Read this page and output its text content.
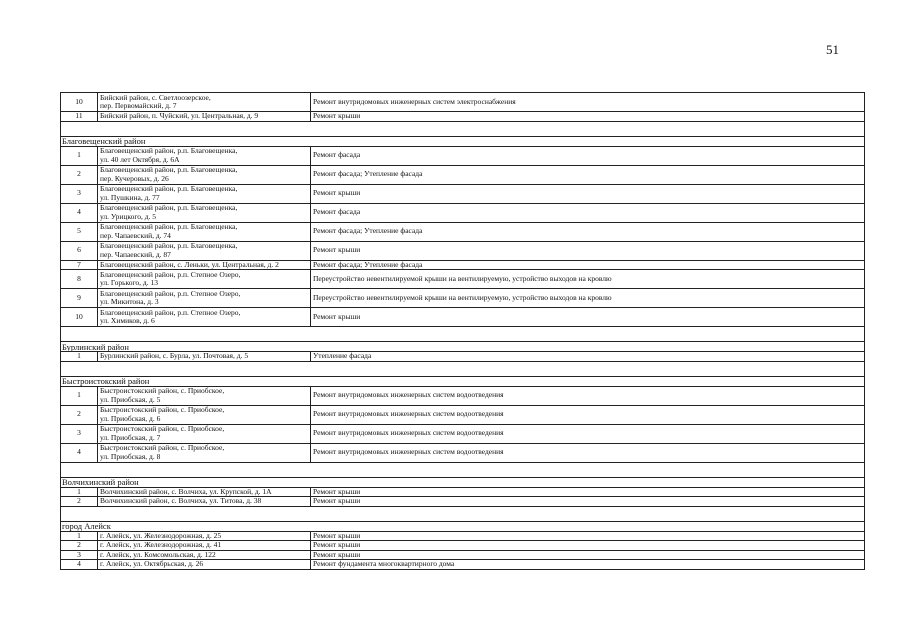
51
10	Бийский район, с. Светлоозерское,
пер. Первомайский, д. 7	Ремонт внутридомовых инженерных систем электроснабжения
11	Бийский район, п. Чуйский, ул. Центральная, д. 9	Ремонт крыши

Благовещенский район		
1	Благовещенский район, р.п. Благовещенка,
ул. 40 лет Октября, д. 6А	Ремонт фасада
2	Благовещенский район, р.п. Благовещенка,
пер. Кучеровых, д. 26	Ремонт фасада; Утепление фасада
3	Благовещенский район, р.п. Благовещенка,
ул. Пушкина, д. 77	Ремонт крыши
4	Благовещенский район, р.п. Благовещенка,
ул. Урицкого, д. 5	Ремонт фасада
5	Благовещенский район, р.п. Благовещенка,
пер. Чапаевский, д. 74	Ремонт фасада; Утепление фасада
6	Благовещенский район, р.п. Благовещенка,
пер. Чапаевский, д. 87	Ремонт крыши
7	Благовещенский район, с. Леньки, ул. Центральная, д. 2	Ремонт фасада; Утепление фасада
8	Благовещенский район, р.п. Степное Озеро,
ул. Горького, д. 13	Переустройство невентилируемой крыши на вентилируемую, устройство выходов на кровлю
9	Благовещенский район, р.п. Степное Озеро,
ул. Микитона, д. 3	Переустройство невентилируемой крыши на вентилируемую, устройство выходов на кровлю
10	Благовещенский район, р.п. Степное Озеро,
ул. Химиков, д. 6	Ремонт крыши

Бурлинский район		
1	Бурлинский район, с. Бурла, ул. Почтовая, д. 5	Утепление фасада

Быстроистокский район		
1	Быстроистокский район, с. Приобское,
ул. Приобская, д. 5	Ремонт внутридомовых инженерных систем водоотведения
2	Быстроистокский район, с. Приобское,
ул. Приобская, д. 6	Ремонт внутридомовых инженерных систем водоотведения
3	Быстроистокский район, с. Приобское,
ул. Приобская, д. 7	Ремонт внутридомовых инженерных систем водоотведения
4	Быстроистокский район, с. Приобское,
ул. Приобская, д. 8	Ремонт внутридомовых инженерных систем водоотведения

Волчихинский район		
1	Волчихинский район, с. Волчиха, ул. Крупской, д. 1А	Ремонт крыши
2	Волчихинский район, с. Волчиха, ул. Титова, д. 38	Ремонт крыши

город Алейск		
1	г. Алейск, ул. Железнодорожная, д. 25	Ремонт крыши
2	г. Алейск, ул. Железнодорожная, д. 41	Ремонт крыши
3	г. Алейск, ул. Комсомольская, д. 122	Ремонт крыши
4	г. Алейск, ул. Октябрьская, д. 26	Ремонт фундамента многоквартирного дома
